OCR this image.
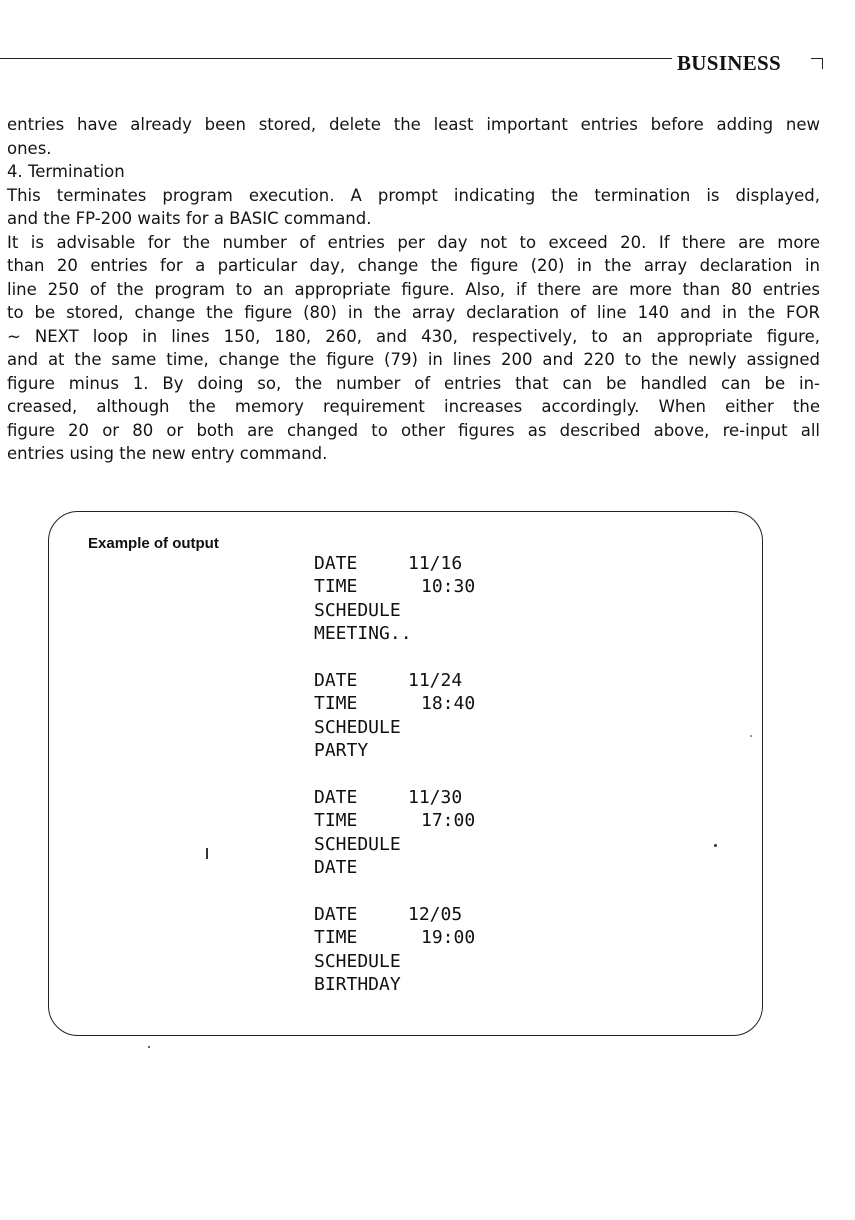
BUSINESS

entries have already been stored, delete the least important entries before adding new

ones.

4. Termination

This terminates program execution. A prompt indicating the termination is displayed,

and the FP-200 waits for a BASIC command.

It is advisable for the number of entries per day not to exceed 20. If there are more

than 20 entries for a particular day, change the figure (20) in the array declaration in

line 250 of the program to an appropriate figure. Also, if there are more than 80 entries

to be stored, change the figure (80) in the array declaration of line 140 and in the FOR

~ NEXT loop in lines 150, 180, 260, and 430, respectively, to an appropriate figure,

and at the same time, change the figure (79) in lines 200 and 220 to the newly assigned

figure minus 1. By doing so, the number of entries that can be handled can be in-

creased, although the memory requirement increases accordingly. When either the

figure 20 or 80 or both are changed to other figures as described above, re-input all

entries using the new entry command.

Example of output
DATE	11/16
TIME	10:30
SCHEDULE
MEETING..
DATE	11/24
TIME	18:40
SCHEDULE
PARTY
DATE	11/30
TIME	17:00
SCHEDULE
DATE
DATE	12/05
TIME	19:00
SCHEDULE
BIRTHDAY
